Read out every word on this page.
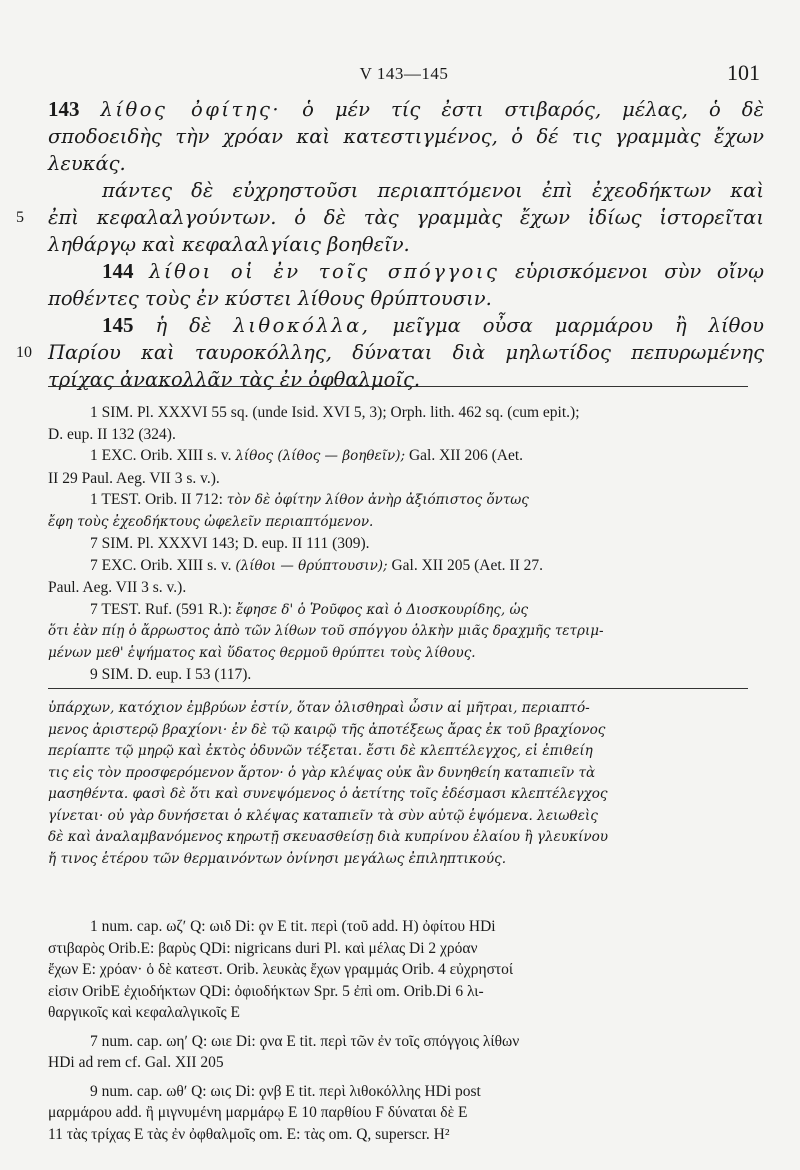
V 143—145	101
143 λίθος ὀφίτης· ὁ μέν τίς ἐστι στιβαρός, μέλας, ὁ δὲ
σποδοειδὴς τὴν χρόαν καὶ κατεστιγμένος, ὁ δέ τις γραμμὰς ἔχων
λευκάς.
πάντες δὲ εὐχρηστοῦσι περιαπτόμενοι ἐπὶ ἐχεοδήκτων καὶ
5	ἐπὶ κεφαλαλγούντων. ὁ δὲ τὰς γραμμὰς ἔχων ἰδίως ἱστορεῖται
ληθάργῳ καὶ κεφαλαλγίαις βοηθεῖν.
144 λίθοι οἱ ἐν τοῖς σπόγγοις εὑρισκόμενοι σὺν οἴνῳ
ποθέντες τοὺς ἐν κύστει λίθους θρύπτουσιν.
145 ἡ δὲ λιθοκόλλα, μεῖγμα οὖσα μαρμάρου ἢ λίθου
10 Παρίου καὶ ταυροκόλλης, δύναται διὰ μηλωτίδος πεπυρωμένης
τρίχας ἀνακολλᾶν τὰς ἐν ὀφθαλμοῖς.
1 SIM. Pl. XXXVI 55 sq. (unde Isid. XVI 5, 3); Orph. lith. 462 sq. (cum epit.);
D. eup. II 132 (324).
1 EXC. Orib. XIII s. v. λίθος (λίθος — βοηθεῖν); Gal. XII 206 (Aet.
II 29 Paul. Aeg. VII 3 s. v.).
1 TEST. Orib. II 712: τὸν δὲ ὀφίτην λίθον ἀνὴρ ἀξιόπιστος ὄντως
ἔφη τοὺς ἐχεοδήκτους ὠφελεῖν περιαπτόμενον.
7 SIM. Pl. XXXVI 143; D. eup. II 111 (309).
7 EXC. Orib. XIII s. v. (λίθοι — θρύπτουσιν); Gal. XII 205 (Aet. II 27.
Paul. Aeg. VII 3 s. v.).
7 TEST. Ruf. (591 R.): ἔφησε δ' ὁ Ῥοῦφος καὶ ὁ Διοσκουρίδης, ὡς
ὅτι ἐὰν πίῃ ὁ ἄρρωστος ἀπὸ τῶν λίθων τοῦ σπόγγου ὁλκὴν μιᾶς δραχμῆς τετριμ-
μένων μεθ' ἑψήματος καὶ ὕδατος θερμοῦ θρύπτει τοὺς λίθους.
9 SIM. D. eup. I 53 (117).
ὑπάρχων, κατόχιον ἐμβρύων ἐστίν, ὅταν ὀλισθηραὶ ὦσιν αἱ μῆτραι, περιαπτό-
μενος ἀριστερῷ βραχίονι· ἐν δὲ τῷ καιρῷ τῆς ἀποτέξεως ἄρας ἐκ τοῦ βραχίονος
περίαπτε τῷ μηρῷ καὶ ἐκτὸς ὀδυνῶν τέξεται. ἔστι δὲ κλεπτέλεγχος, εἰ ἐπιθείη
τις εἰς τὸν προσφερόμενον ἄρτον· ὁ γὰρ κλέψας οὐκ ἂν δυνηθείη καταπιεῖν τὰ
μασηθέντα. φασὶ δὲ ὅτι καὶ συνεψόμενος ὁ ἀετίτης τοῖς ἐδέσμασι κλεπτέλεγχος
γίνεται· οὐ γὰρ δυνήσεται ὁ κλέψας καταπιεῖν τὰ σὺν αὐτῷ ἑψόμενα. λειωθεὶς
δὲ καὶ ἀναλαμβανόμενος κηρωτῇ σκευασθείσῃ διὰ κυπρίνου ἐλαίου ἢ γλευκίνου
ἤ τινος ἑτέρου τῶν θερμαινόντων ὀνίνησι μεγάλως ἐπιληπτικούς.
1 num. cap. ωζʹ Q: ωιδ Di: ϙν E tit. περὶ (τοῦ add. H) ὀφίτου HDi
στιβαρὸς Orib.E: βαρὺς QDi: nigricans duri Pl. καὶ μέλας Di 2 χρόαν
ἔχων E: χρόαν· ὁ δὲ κατεστ. Orib. λευκὰς ἔχων γραμμάς Orib. 4 εὐχρηστοί
εἰσιν OribE ἐχιοδήκτων QDi: ὀφιοδήκτων Spr. 5 ἐπὶ om. Orib.Di 6 λι-
θαργικοῖς καὶ κεφαλαλγικοῖς E
7 num. cap. ωηʹ Q: ωιε Di: ϙνα E tit. περὶ τῶν ἐν τοῖς σπόγγοις λίθων
HDi ad rem cf. Gal. XII 205
9 num. cap. ωθʹ Q: ωιϛ Di: ϙνβ E tit. περὶ λιθοκόλλης HDi post
μαρμάρου add. ἢ μιγνυμένη μαρμάρῳ E 10 παρθίου F δύναται δὲ E
11 τὰς τρίχας E τὰς ἐν ὀφθαλμοῖς om. E: τὰς om. Q, superscr. H²
